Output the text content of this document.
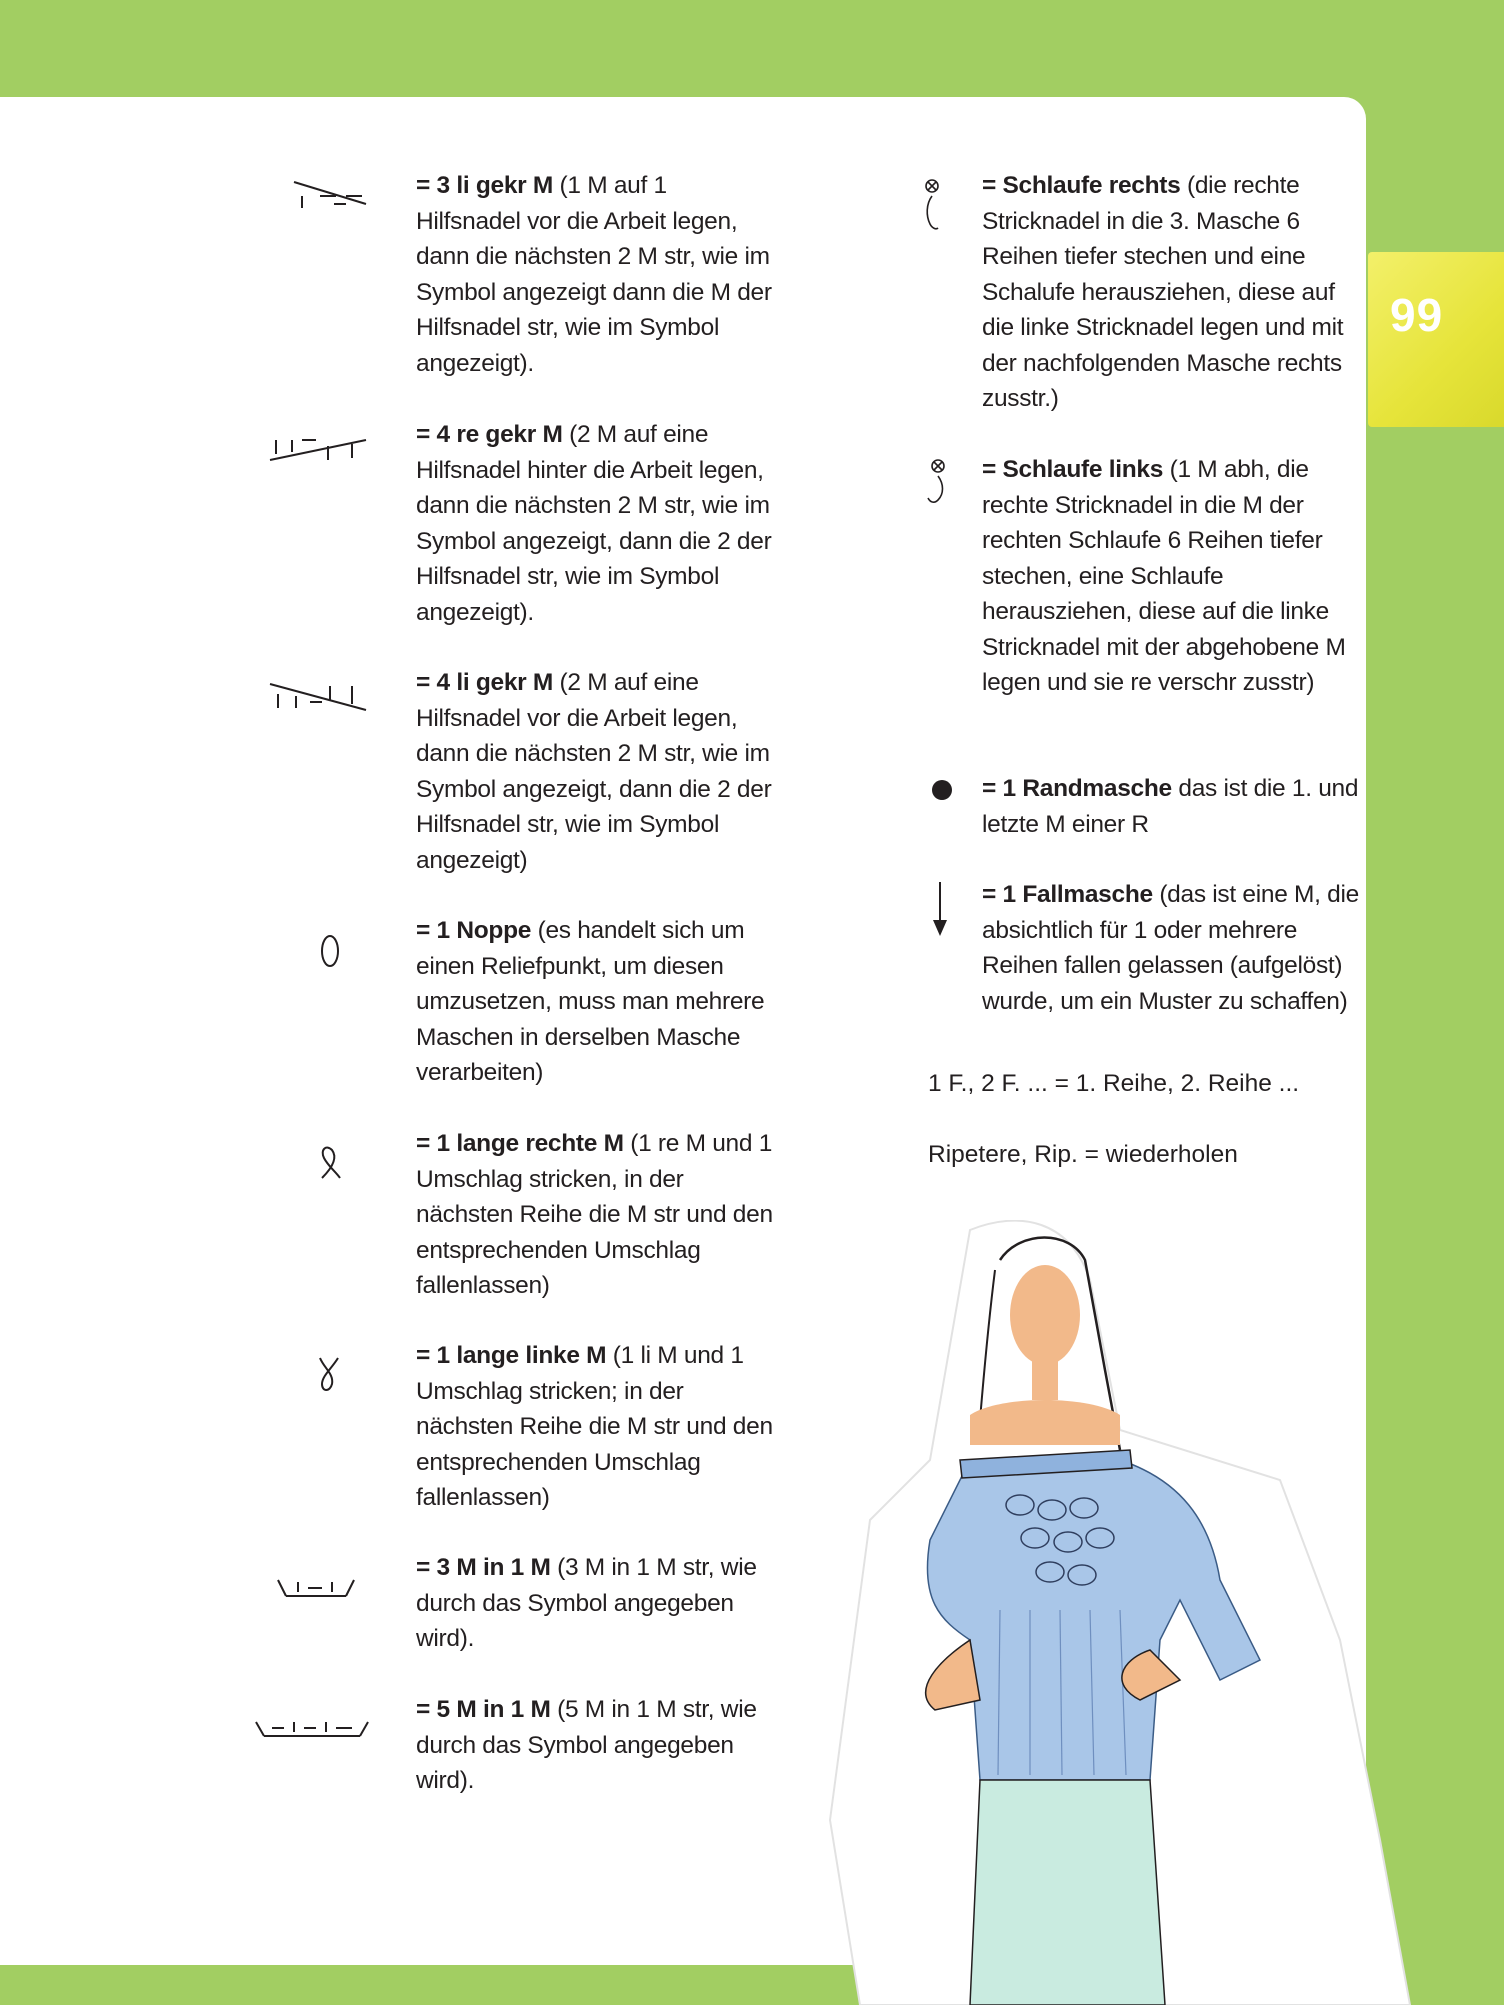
99
= 3 li gekr M (1 M auf 1 Hilfsnadel vor die Arbeit legen, dann die nächsten 2 M str, wie im Symbol angezeigt dann die M der Hilfsnadel str, wie im Symbol angezeigt).
= 4 re gekr M (2 M auf eine Hilfsnadel hinter die Arbeit legen, dann die nächsten 2 M str, wie im Symbol angezeigt, dann die 2 der Hilfsnadel str, wie im Symbol angezeigt).
= 4 li gekr M (2 M auf eine Hilfsnadel vor die Arbeit legen, dann die nächsten 2 M str, wie im Symbol angezeigt, dann die 2 der Hilfsnadel str, wie im Symbol angezeigt)
= 1 Noppe (es handelt sich um einen Reliefpunkt, um diesen umzusetzen, muss man mehrere Maschen in derselben Masche verarbeiten)
= 1 lange rechte M (1 re M und 1 Umschlag stricken, in der nächsten Reihe die M str und den entsprechenden Umschlag fallenlassen)
= 1 lange linke M (1 li M und 1 Umschlag stricken; in der nächsten Reihe die M str und den entsprechenden Umschlag fallenlassen)
= 3 M in 1 M (3 M in 1 M str, wie durch das Symbol angegeben wird).
= 5 M in 1 M (5 M in 1 M str, wie durch das Symbol angegeben wird).
= Schlaufe rechts (die rechte Stricknadel in die 3. Masche 6 Reihen tiefer stechen und eine Schalufe herausziehen, diese auf die linke Stricknadel legen und mit der nachfolgenden Masche rechts zusstr.)
= Schlaufe links (1 M abh, die rechte Stricknadel in die M der rechten Schlaufe 6 Reihen tiefer stechen, eine Schlaufe herausziehen, diese auf die linke Stricknadel mit der abgehobene M legen und sie re verschr zusstr)
= 1 Randmasche das ist die 1. und letzte M einer R
= 1 Fallmasche (das ist eine M, die absichtlich für 1 oder mehrere Reihen fallen gelassen (aufgelöst) wurde, um ein Muster zu schaffen)
1 F., 2 F. ... = 1. Reihe, 2. Reihe ...
Ripetere, Rip. = wiederholen
